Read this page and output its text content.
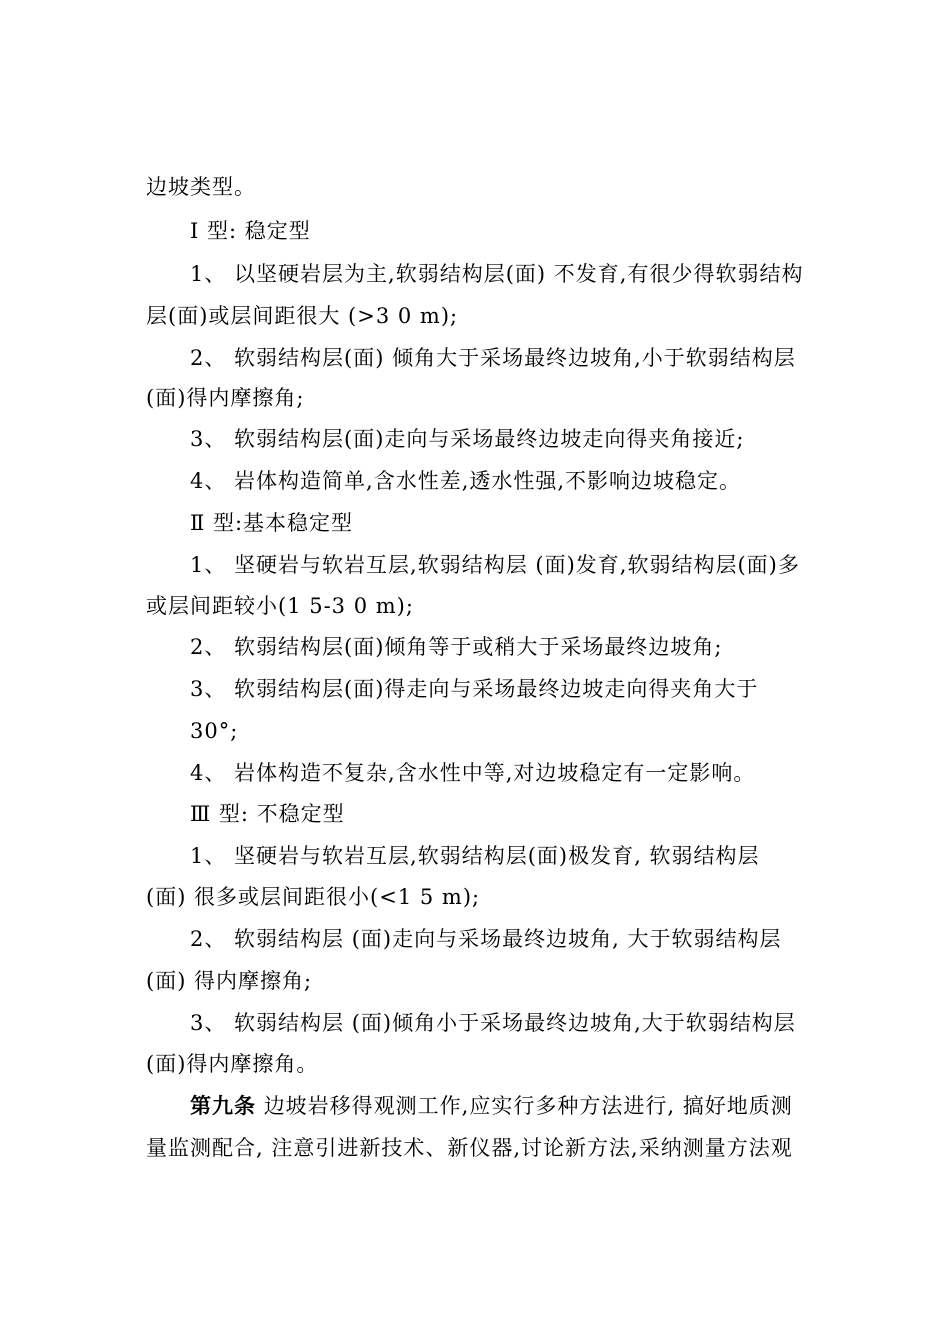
边坡类型。
Ⅰ 型: 稳定型
1、 以坚硬岩层为主,软弱结构层(面) 不发育,有很少得软弱结构
层(面)或层间距很大 (>3 0 m);
2、 软弱结构层(面) 倾角大于采场最终边坡角,小于软弱结构层
(面)得内摩擦角;
3、 软弱结构层(面)走向与采场最终边坡走向得夹角接近;
4、 岩体构造简单,含水性差,透水性强,不影响边坡稳定。
Ⅱ 型:基本稳定型
1、 坚硬岩与软岩互层,软弱结构层 (面)发育,软弱结构层(面)多
或层间距较小(1 5-3 0 m);
2、 软弱结构层(面)倾角等于或稍大于采场最终边坡角;
3、 软弱结构层(面)得走向与采场最终边坡走向得夹角大于
30°;
4、 岩体构造不复杂,含水性中等,对边坡稳定有一定影响。
Ⅲ 型: 不稳定型
1、 坚硬岩与软岩互层,软弱结构层(面)极发育, 软弱结构层
(面) 很多或层间距很小(<1 5 m);
2、 软弱结构层 (面)走向与采场最终边坡角, 大于软弱结构层
(面) 得内摩擦角;
3、 软弱结构层 (面)倾角小于采场最终边坡角,大于软弱结构层
(面)得内摩擦角。
第九条 边坡岩移得观测工作,应实行多种方法进行, 搞好地质测
量监测配合, 注意引进新技术、新仪器,讨论新方法,采纳测量方法观
